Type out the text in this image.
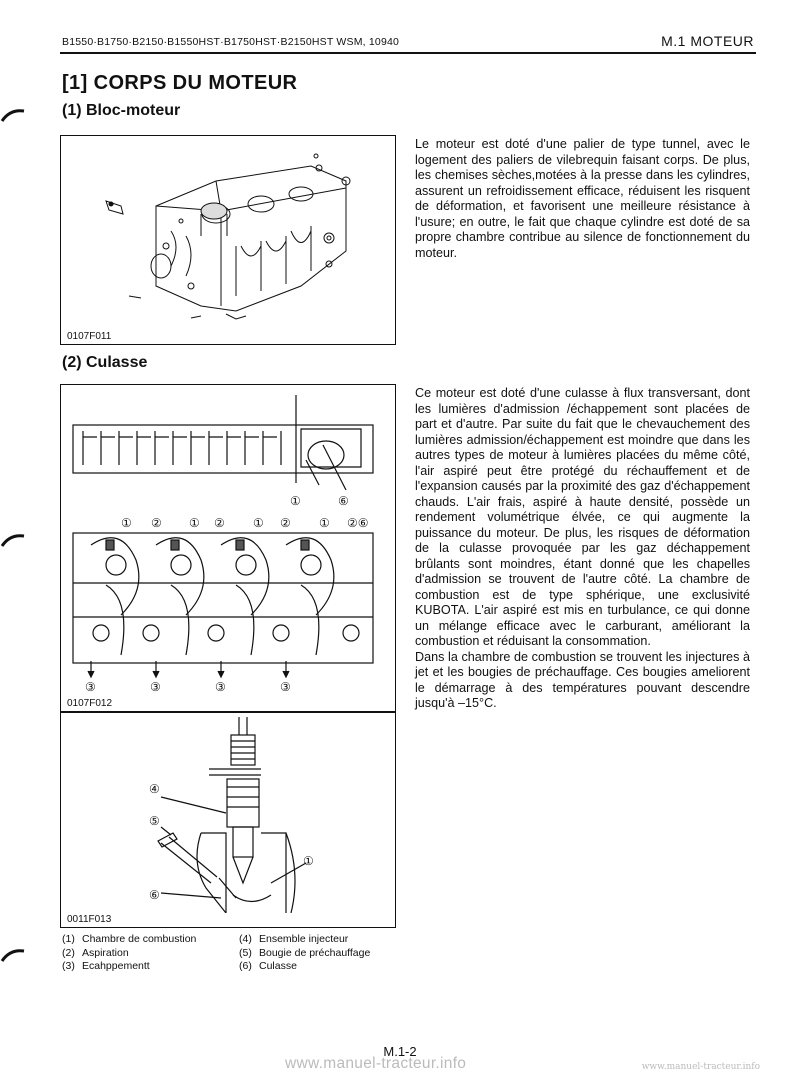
B1550·B1750·B2150·B1550HST·B1750HST·B2150HST WSM, 10940	M.1 MOTEUR
[1] CORPS DU MOTEUR
(1) Bloc-moteur
0107F011
Le moteur est doté d'une palier de type tunnel, avec le logement des paliers de vilebrequin faisant corps. De plus, les chemises sèches,motées à la presse dans les cylindres, assurent un refroidissement efficace, réduisent les risquent de déformation, et favorisent une meilleure résistance à l'usure; en outre, le fait que chaque cylindre est doté de sa propre chambre contribue au silence de fonctionnement du moteur.
(2) Culasse
①	⑥
① ② ① ② ① ② ① ②⑥
③	③	③	③
0107F012
④
⑤
⑥
①
0011F013

Ce moteur est doté d'une culasse à flux transversant, dont les lumières d'admission /échappement sont placées de part et d'autre. Par suite du fait que le chevauchement des lumières admission/échappement est moindre que dans les autres types de moteur à lumières placées du même côté, l'air aspiré peut être protégé du réchauffement et de l'expansion causés par la proximité des gaz d'échappement chauds. L'air frais, aspiré à haute densité, possède un rendement volumétrique élvée, ce qui augmente la puissance du moteur. De plus, les risques de déformation de la culasse provoquée par les gaz déchappement brûlants sont moindres, étant donné que les chapelles d'admission se trouvent de l'autre côté. La chambre de combustion est de type sphérique, une exclusivité KUBOTA. L'air aspiré est mis en turbulance, ce qui donne un mélange efficace avec le carburant, améliorant la combustion et réduisant la consommation.

Dans la chambre de combustion se trouvent les injectures à jet et les bougies de préchauffage. Ces bougies ameliorent le démarrage à des températures pouvant descendre jusqu'à –15°C.

(1) Chambre de combustion
(2) Aspiration
(3) Ecahppementt
(4) Ensemble injecteur
(5) Bougie de préchauffage
(6) Culasse
M.1-2
www.manuel-tracteur.info	www.manuel-tracteur.info
